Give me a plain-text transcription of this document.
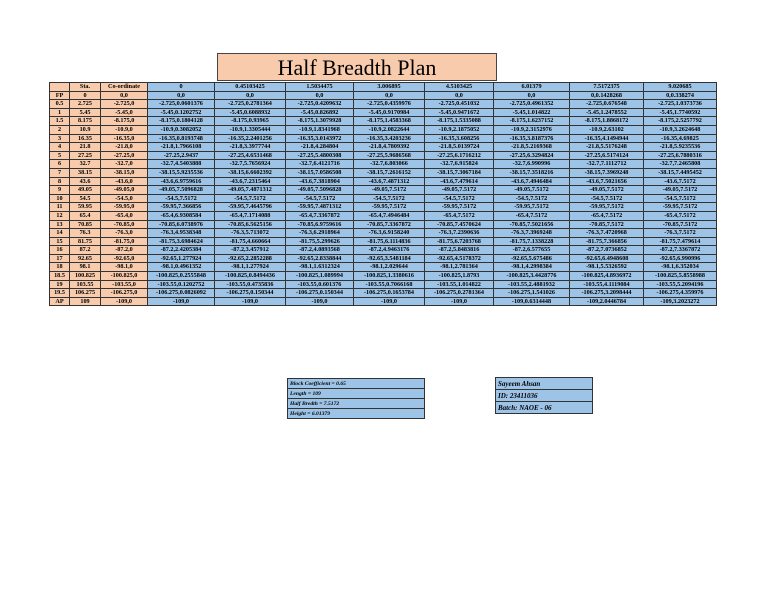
Half Breadth Plan
	Sta.	Co-ordinate	0	0.45103425	1.5034475	3.006895	4.5103425	6.01379	7.5172375	9.020685
FP	0	0,0	0,0	0,0	0,0	0,0	0,0	0,0	0,0.1428268	0,0.338274
0.5	2.725	-2.725,0	-2.725,0.0601376	-2.725,0.2781364	-2.725,0.4209632	-2.725,0.4359976	-2.725,0.451032	-2.725,0.4961352	-2.725,0.676548	-2.725,1.0373736
1	5.45	-5.45,0	-5.45,0.1202752	-5.45,0.6088932	-5.45,0.826892	-5.45,0.9170984	-5.45,0.9471672	-5.45,1.014822	-5.45,1.2478552	-5.45,1.7740592
1.5	8.175	-8.175,0	-8.175,0.1804128	-8.175,0.93965	-8.175,1.3079928	-8.175,1.4583368	-8.175,1.5335088	-8.175,1.6237152	-8.175,1.8868172	-8.175,2.5257792
2	10.9	-10.9,0	-10.9,0.3082052	-10.9,1.3305444	-10.9,1.8341968	-10.9,2.0822644	-10.9,2.1875052	-10.9,2.3152976	-10.9,2.63102	-10.9,3.2624648
3	16.35	-16.35,0	-16.35,0.8193748	-16.35,2.2401256	-16.35,3.0143972	-16.35,3.4203236	-16.35,3.608256	-16.35,3.8187376	-16.35,4.1494944	-16.35,4.69825
4	21.8	-21.8,0	-21.8,1.7966108	-21.8,3.3977744	-21.8,4.284804	-21.8,4.7809392	-21.8,5.0139724	-21.8,5.2169368	-21.8,5.5176248	-21.8,5.9235536
5	27.25	-27.25,0	-27.25,2.9437	-27.25,4.6531468	-27.25,5.4800308	-27.25,5.9686568	-27.25,6.1716212	-27.25,6.3294824	-27.25,6.5174124	-27.25,6.7880316
6	32.7	-32.7,0	-32.7,4.5403888	-32.7,5.7656924	-32.7,6.4121716	-32.7,6.803066	-32.7,6.915824	-32.7,6.990996	-32.7,7.1112712	-32.7,7.2465808
7	38.15	-38.15,0	-38.15,5.9235536	-38.15,6.6602392	-38.15,7.0586508	-38.15,7.2616152	-38.15,7.3067184	-38.15,7.3518216	-38.15,7.3969248	-38.15,7.4495452
8	43.6	-43.6,0	-43.6,6.9759616	-43.6,7.2315464	-43.6,7.3818904	-43.6,7.4871312	-43.6,7.479614	-43.6,7.4946484	-43.6,7.5021656	-43.6,7.5172
9	49.05	-49.05,0	-49.05,7.5096828	-49.05,7.4871312	-49.05,7.5096828	-49.05,7.5172	-49.05,7.5172	-49.05,7.5172	-49.05,7.5172	-49.05,7.5172
10	54.5	-54.5,0	-54.5,7.5172	-54.5,7.5172	-54.5,7.5172	-54.5,7.5172	-54.5,7.5172	-54.5,7.5172	-54.5,7.5172	-54.5,7.5172
11	59.95	-59.95,0	-59.95,7.366856	-59.95,7.4645796	-59.95,7.4871312	-59.95,7.5172	-59.95,7.5172	-59.95,7.5172	-59.95,7.5172	-59.95,7.5172
12	65.4	-65.4,0	-65.4,6.9308584	-65.4,7.1714088	-65.4,7.3367872	-65.4,7.4946484	-65.4,7.5172	-65.4,7.5172	-65.4,7.5172	-65.4,7.5172
13	70.85	-70.85,0	-70.85,6.0738976	-70.85,6.5625156	-70.85,6.9759616	-70.85,7.3367872	-70.85,7.4570624	-70.85,7.5021656	-70.85,7.5172	-70.85,7.5172
14	76.3	-76.3,0	-76.3,4.9538348	-76.3,5.713072	-76.3,6.2918964	-76.3,6.9158240	-76.3,7.2390636	-76.3,7.3969248	-76.3,7.4720968	-76.3,7.5172
15	81.75	-81.75,0	-81.75,3.6984624	-81.75,4.660664	-81.75,5.299626	-81.75,6.1114836	-81.75,6.7203768	-81.75,7.1338228	-81.75,7.366856	-81.75,7.479614
16	87.2	-87.2,0	-87.2,2.4205384	-87.2,3.457912	-87.2,4.0893568	-87.2,4.9463176	-87.2,5.8483816	-87.2,6.577655	-87.2,7.0736852	-87.2,7.3367872
17	92.65	-92.65,0	-92.65,1.277924	-92.65,2.2852288	-92.65,2.8338844	-92.65,3.5481184	-92.65,4.5178372	-92.65,5.675486	-92.65,6.4948608	-92.65,6.990996
18	98.1	-98.1,0	-98.1,0.4961352	-98.1,1.277924	-98.1,1.6312324	-98.1,2.029644	-98.1,2.781364	-98.1,4.2998384	-98.1,5.5326592	-98.1,6.352034
18.5	100.825	-100.825,0	-100.825,0.2555848	-100.825,0.8494436	-100.825,1.089994	-100.825,1.3380616	-100.825,1.8793	-100.825,3.4428776	-100.825,4.8936972	-100.825,5.8558988
19	103.55	-103.55,0	-103.55,0.1202752	-103.55,0.4735836	-103.55,0.601376	-103.55,0.7066168	-103.55,1.014822	-103.55,2.4881932	-103.55,4.1119084	-103.55,5.2094196
19.5	106.275	-106.275,0	-106.275,0.0826092	-106.275,0.150344	-106.275,0.150344	-106.275,0.1653784	-106.275,0.2781364	-106.275,1.541026	-106.275,3.2098444	-106.275,4.359976
AP	109	-109,0	-109,0	-109,0	-109,0	-109,0	-109,0	-109,0.6314448	-109,2.0446784	-109,3.2023272
Block Coefficient = 0.65
Length = 109
Half Bredth = 7.5172
Height = 6.01379
Sayeem Ahsan
ID: 23411036
Batch: NAOE - 06
